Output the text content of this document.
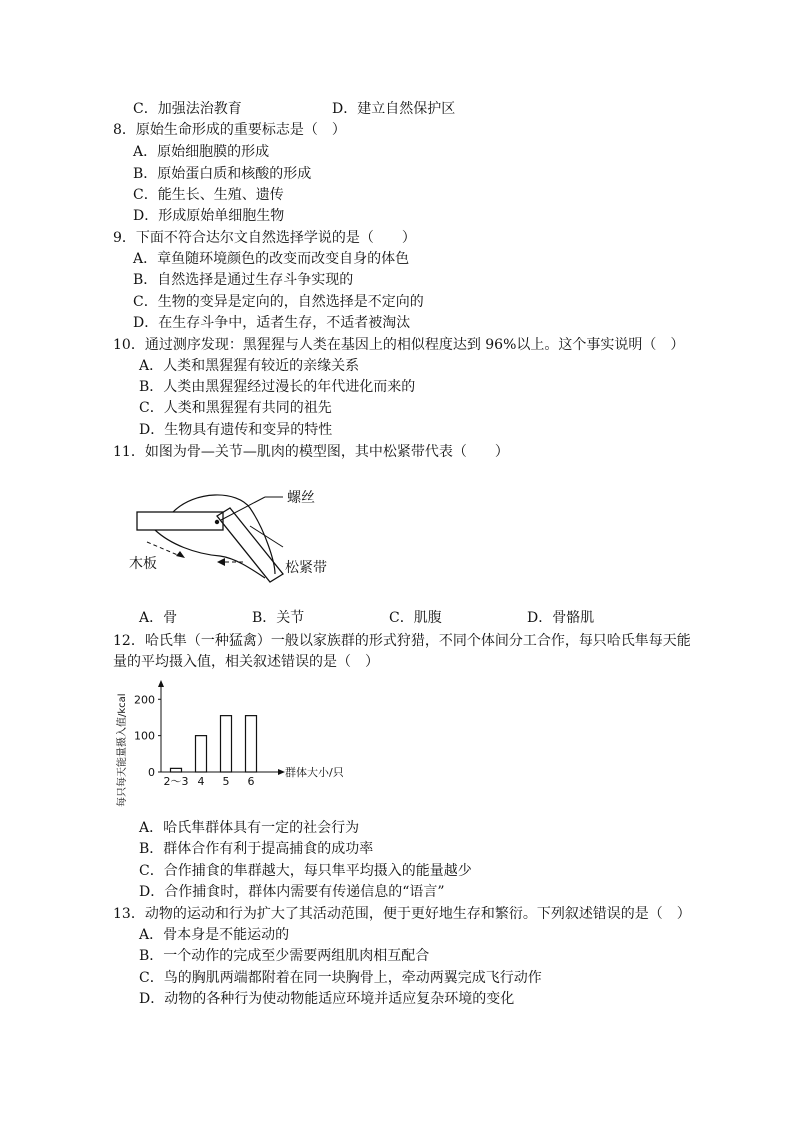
C．加强法治教育	D．建立自然保护区
8．原始生命形成的重要标志是（　）
A．原始细胞膜的形成
B．原始蛋白质和核酸的形成
C．能生长、生殖、遗传
D．形成原始单细胞生物
9．下面不符合达尔文自然选择学说的是（　　）
A．章鱼随环境颜色的改变而改变自身的体色
B．自然选择是通过生存斗争实现的
C．生物的变异是定向的，自然选择是不定向的
D．在生存斗争中，适者生存，不适者被淘汰
10．通过测序发现：黑猩猩与人类在基因上的相似程度达到 96%以上。这个事实说明（　）
A．人类和黑猩猩有较近的亲缘关系
B．人类由黑猩猩经过漫长的年代进化而来的
C．人类和黑猩猩有共同的祖先
D．生物具有遗传和变异的特性
11．如图为骨—关节—肌肉的模型图，其中松紧带代表（　　）
螺丝
木板	松紧带
A．骨	B．关节	C．肌腹	D．骨骼肌
12．哈氏隼（一种猛禽）一般以家族群的形式狩猎，不同个体间分工合作，每只哈氏隼每天能
量的平均摄入值，相关叙述错误的是（　）
每只每天能量摄入值/kcal 0
100
200
2～3 4 5 6
群体大小/只
A．哈氏隼群体具有一定的社会行为
B．群体合作有利于提高捕食的成功率
C．合作捕食的隼群越大，每只隼平均摄入的能量越少
D．合作捕食时，群体内需要有传递信息的“语言”
13．动物的运动和行为扩大了其活动范围，便于更好地生存和繁衍。下列叙述错误的是（　）
A．骨本身是不能运动的
B．一个动作的完成至少需要两组肌肉相互配合
C．鸟的胸肌两端都附着在同一块胸骨上，牵动两翼完成飞行动作
D．动物的各种行为使动物能适应环境并适应复杂环境的变化
